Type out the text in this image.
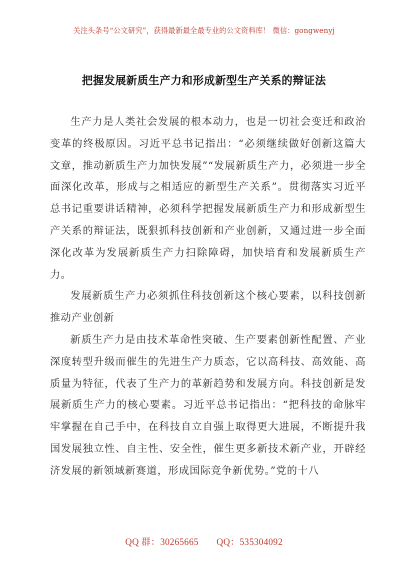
关注头条号“公文研究”，获得最新最全最专业的公文资料库！ 微信：gongwenyj
把握发展新质生产力和形成新型生产关系的辩证法

生产力是人类社会发展的根本动力，也是一切社会变迁和政治变革的终极原因。习近平总书记指出：“必须继续做好创新这篇大文章，推动新质生产力加快发展”“发展新质生产力，必须进一步全面深化改革，形成与之相适应的新型生产关系”。贯彻落实习近平总书记重要讲话精神，必须科学把握发展新质生产力和形成新型生产关系的辩证法，既狠抓科技创新和产业创新，又通过进一步全面深化改革为发展新质生产力扫除障碍，加快培育和发展新质生产力。

发展新质生产力必须抓住科技创新这个核心要素，以科技创新推动产业创新

新质生产力是由技术革命性突破、生产要素创新性配置、产业深度转型升级而催生的先进生产力质态，它以高科技、高效能、高质量为特征，代表了生产力的革新趋势和发展方向。科技创新是发展新质生产力的核心要素。习近平总书记指出：“把科技的命脉牢牢掌握在自己手中，在科技自立自强上取得更大进展，不断提升我国发展独立性、自主性、安全性，催生更多新技术新产业，开辟经济发展的新领域新赛道，形成国际竞争新优势。”党的十八

QQ 群：30265665 QQ：535304092
